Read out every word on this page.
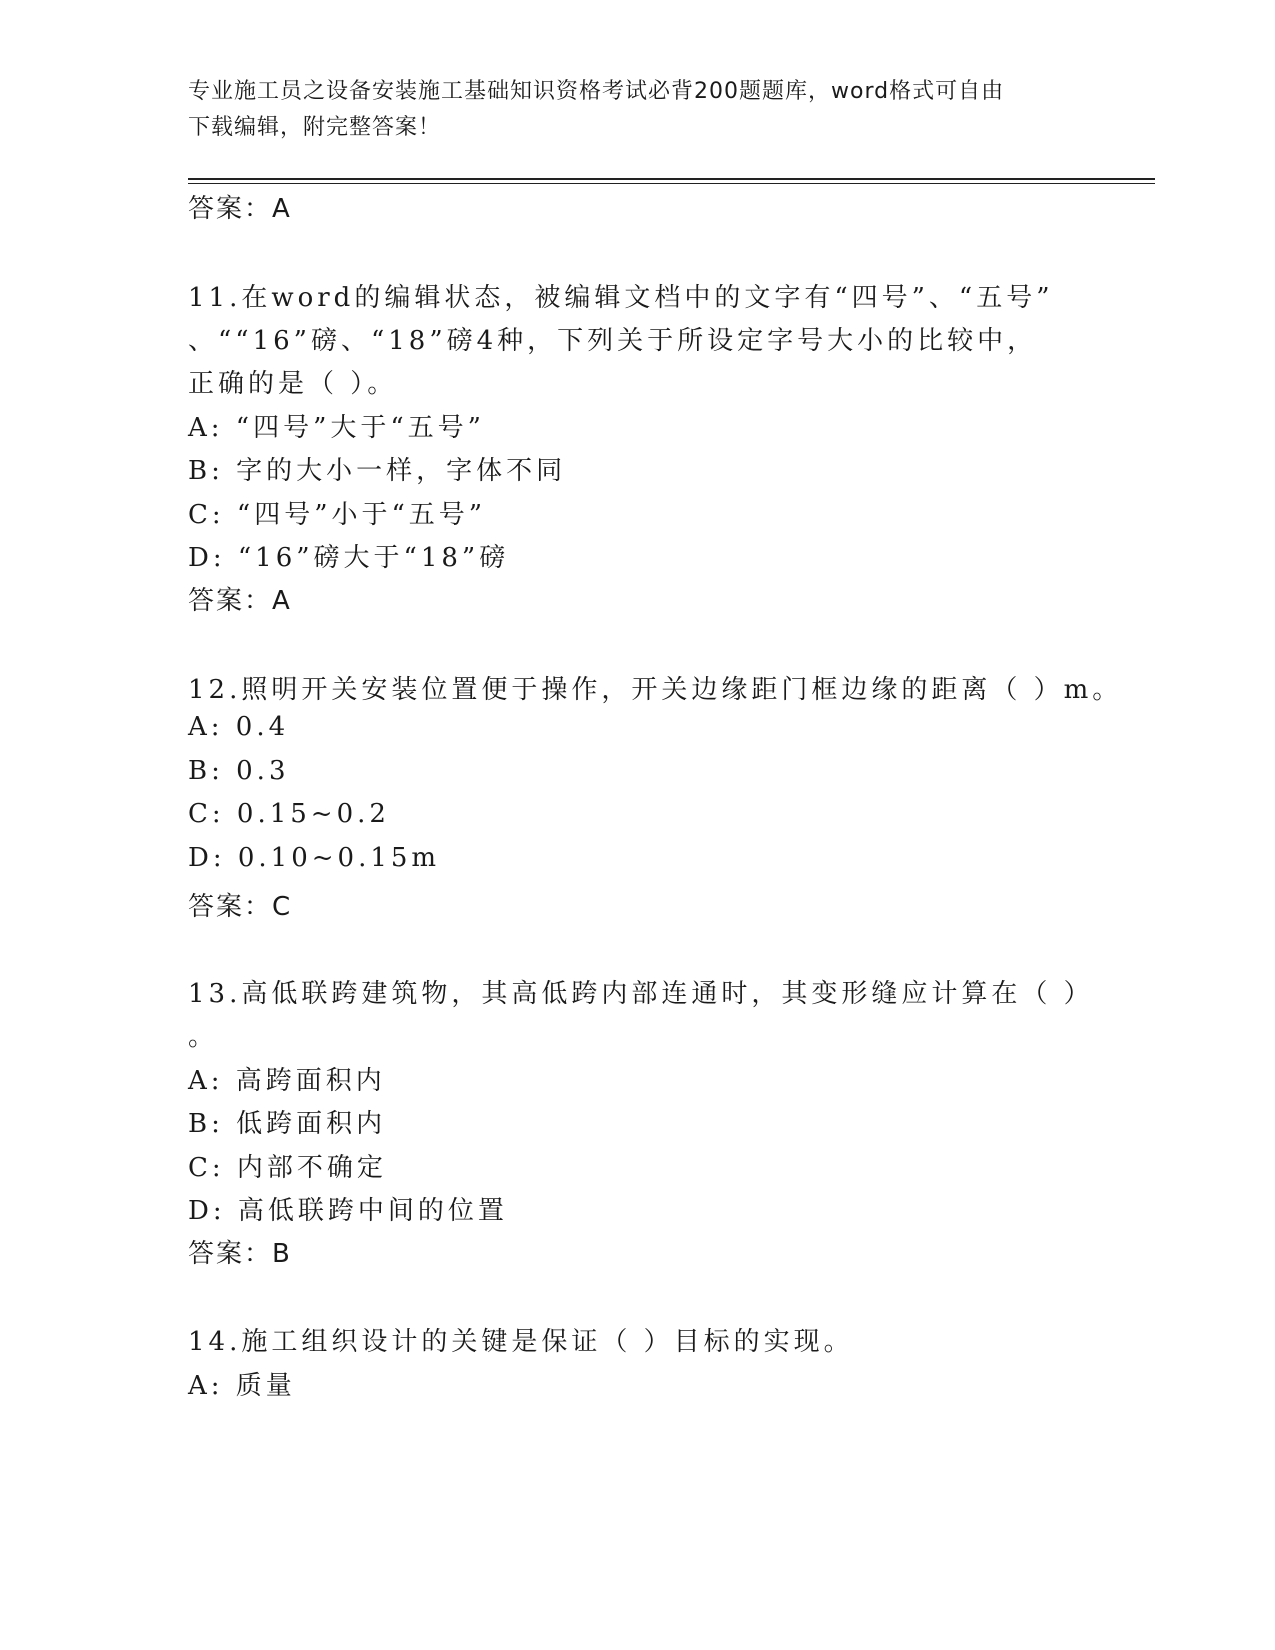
专业施工员之设备安装施工基础知识资格考试必背200题题库，word格式可自由
下载编辑，附完整答案！
答案：A
11.在word的编辑状态，被编辑文档中的文字有“四号”、“五号”
、““16”磅、“18”磅4种，下列关于所设定字号大小的比较中，
正确的是（ ）。
A: “四号”大于“五号”
B: 字的大小一样，字体不同
C: “四号”小于“五号”
D: “16”磅大于“18”磅
答案：A
12.照明开关安装位置便于操作，开关边缘距门框边缘的距离（ ）m。
A: 0.4
B: 0.3
C: 0.15~0.2
D: 0.10~0.15m
答案：C
13.高低联跨建筑物，其高低跨内部连通时，其变形缝应计算在（ ）
。
A: 高跨面积内
B: 低跨面积内
C: 内部不确定
D: 高低联跨中间的位置
答案：B
14.施工组织设计的关键是保证（ ）目标的实现。
A: 质量
